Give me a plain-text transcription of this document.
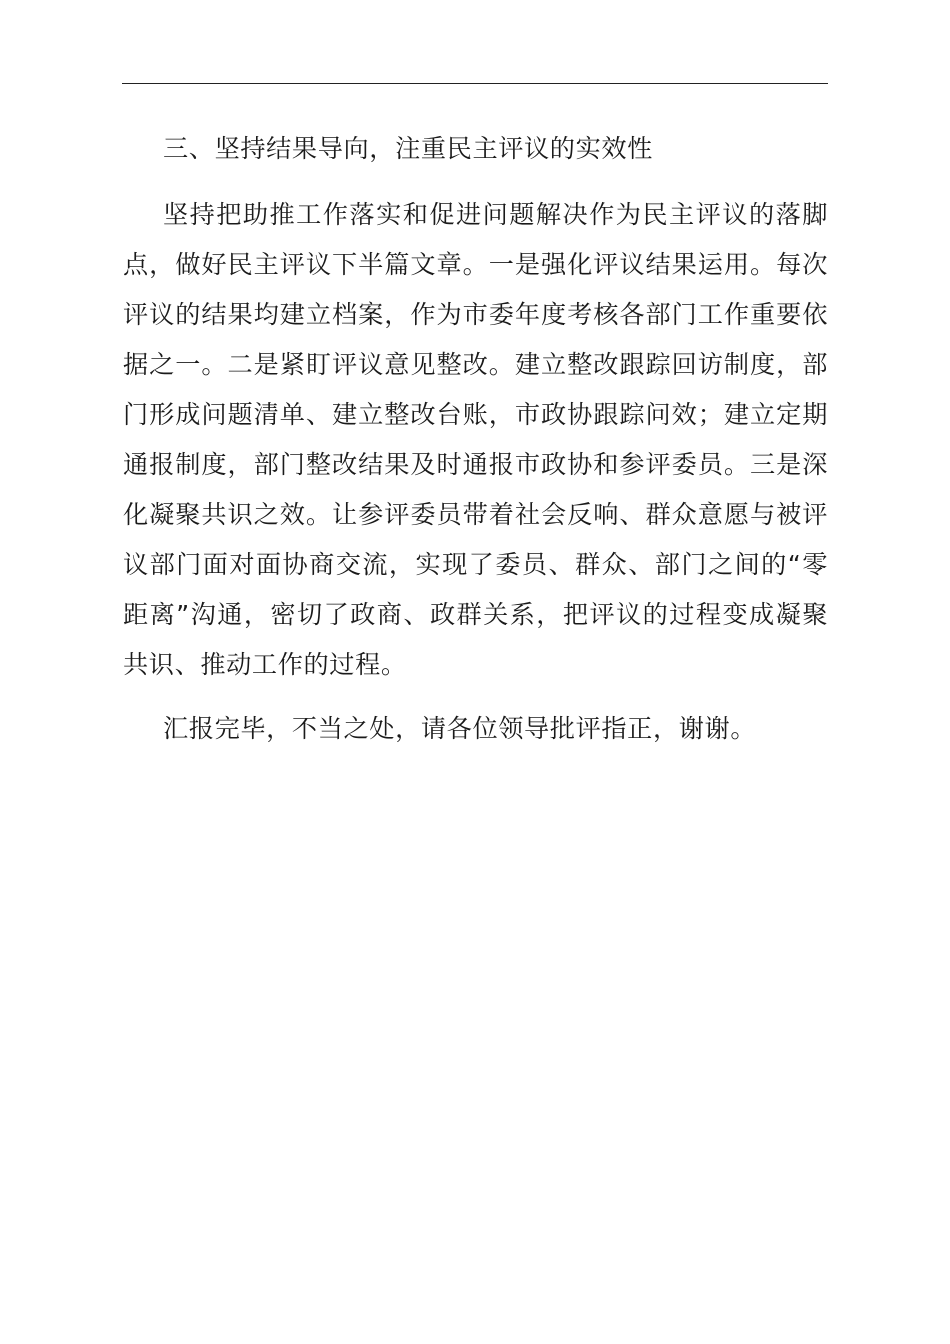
三、坚持结果导向，注重民主评议的实效性
坚持把助推工作落实和促进问题解决作为民主评议的落脚点，做好民主评议下半篇文章。一是强化评议结果运用。每次评议的结果均建立档案，作为市委年度考核各部门工作重要依据之一。二是紧盯评议意见整改。建立整改跟踪回访制度，部门形成问题清单、建立整改台账，市政协跟踪问效；建立定期通报制度，部门整改结果及时通报市政协和参评委员。三是深化凝聚共识之效。让参评委员带着社会反响、群众意愿与被评议部门面对面协商交流，实现了委员、群众、部门之间的“零距离”沟通，密切了政商、政群关系，把评议的过程变成凝聚共识、推动工作的过程。
汇报完毕，不当之处，请各位领导批评指正，谢谢。
